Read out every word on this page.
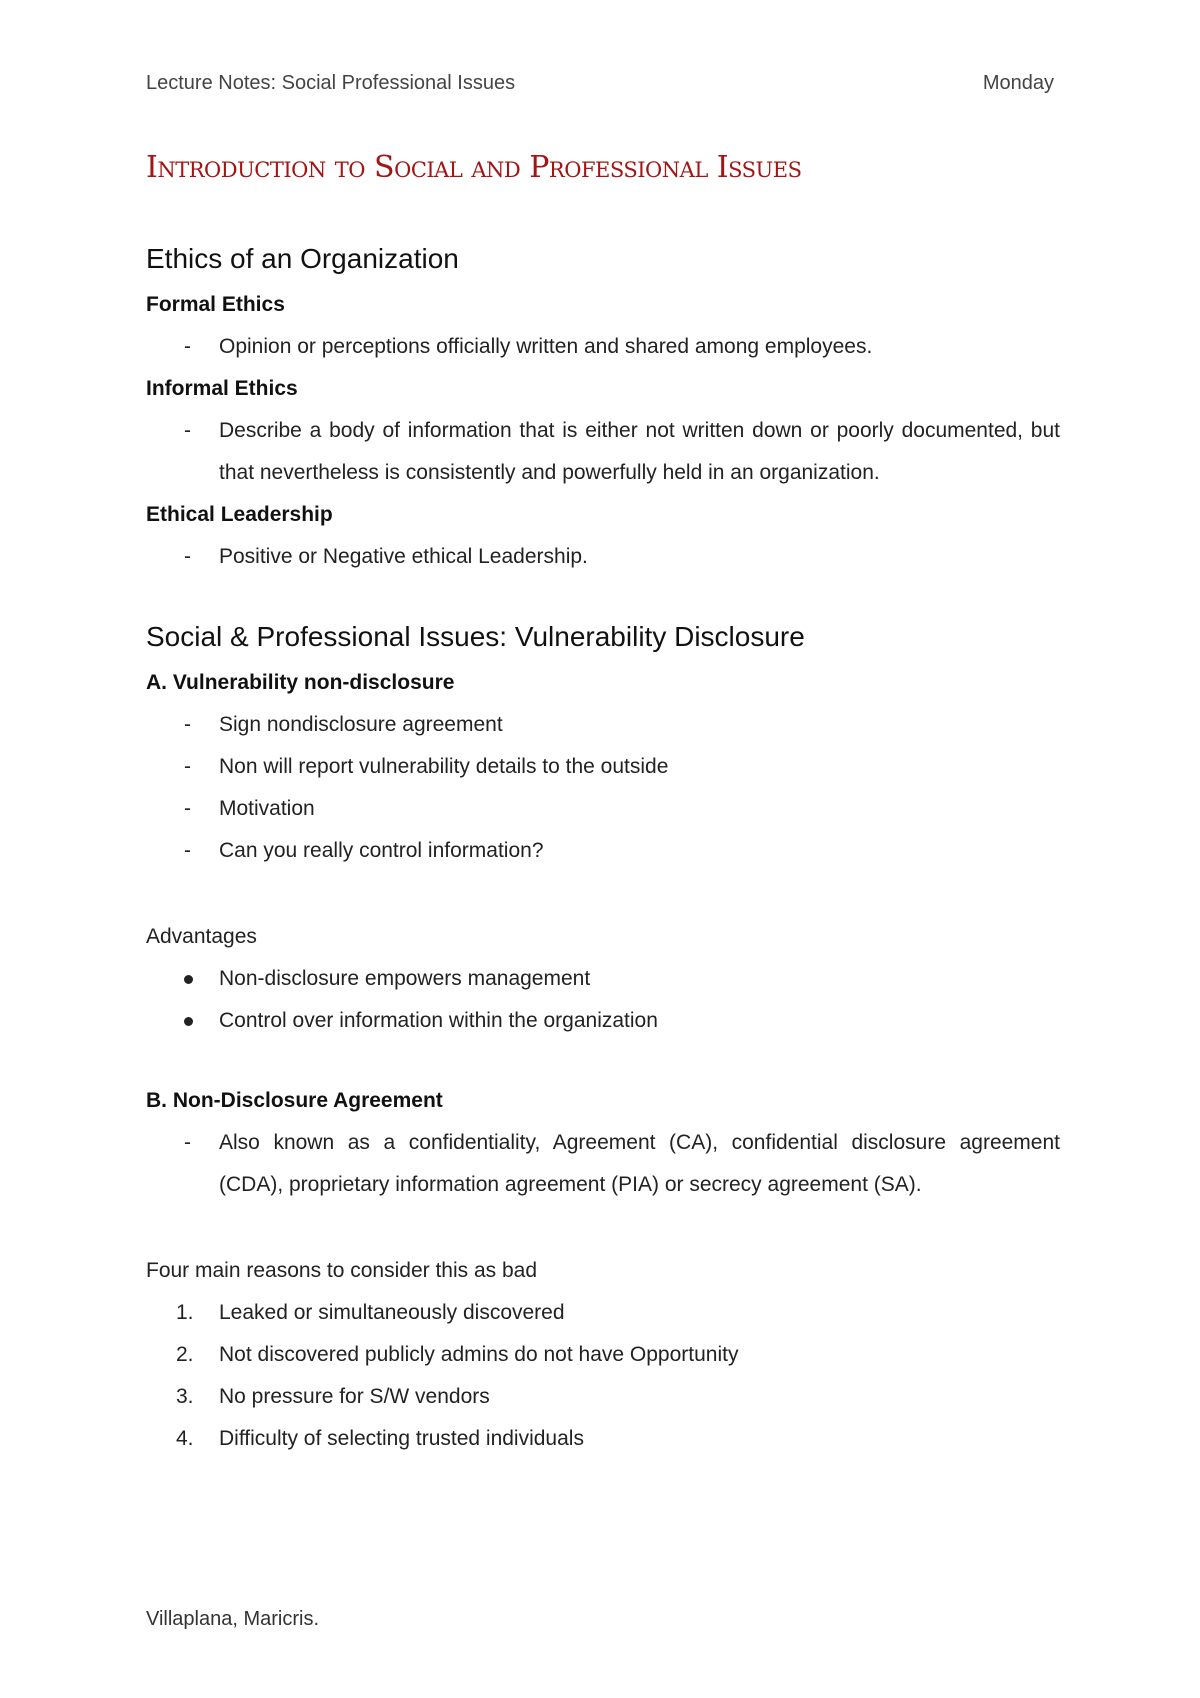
Lecture Notes: Social Professional Issues	Monday
Introduction to Social and Professional Issues
Ethics of an Organization
Formal Ethics
- Opinion or perceptions officially written and shared among employees.
Informal Ethics
- Describe a body of information that is either not written down or poorly documented, but that nevertheless is consistently and powerfully held in an organization.
Ethical Leadership
- Positive or Negative ethical Leadership.
Social & Professional Issues: Vulnerability Disclosure
A. Vulnerability non-disclosure
- Sign nondisclosure agreement
- Non will report vulnerability details to the outside
- Motivation
- Can you really control information?
Advantages
Non-disclosure empowers management
Control over information within the organization
B. Non-Disclosure Agreement
- Also known as a confidentiality, Agreement (CA), confidential disclosure agreement (CDA), proprietary information agreement (PIA) or secrecy agreement (SA).
Four main reasons to consider this as bad
1. Leaked or simultaneously discovered
2. Not discovered publicly admins do not have Opportunity
3. No pressure for S/W vendors
4. Difficulty of selecting trusted individuals
Villaplana, Maricris.
